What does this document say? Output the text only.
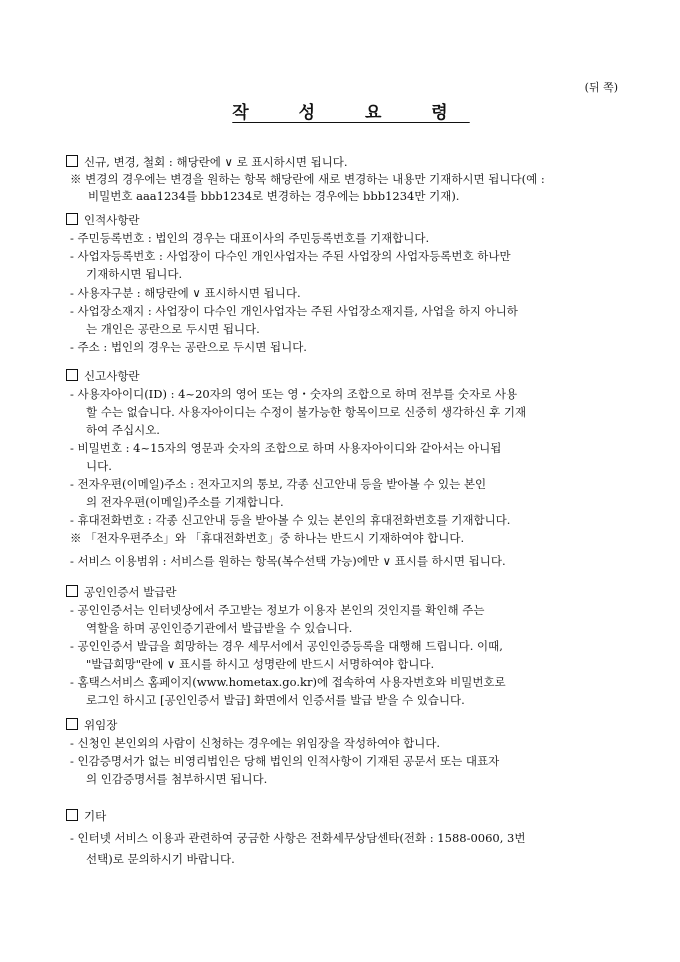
(뒤 쪽)
작 성 요 령
신규, 변경, 철회 : 해당란에 ∨ 로 표시하시면 됩니다.
※ 변경의 경우에는 변경을 원하는 항목 해당란에 새로 변경하는 내용만 기재하시면 됩니다(예 :
비밀번호 aaa1234를 bbb1234로 변경하는 경우에는 bbb1234만 기재).
인적사항란
- 주민등록번호 : 법인의 경우는 대표이사의 주민등록번호를 기재합니다.
- 사업자등록번호 : 사업장이 다수인 개인사업자는 주된 사업장의 사업자등록번호 하나만
기재하시면 됩니다.
- 사용자구분 : 해당란에 ∨ 표시하시면 됩니다.
- 사업장소재지 : 사업장이 다수인 개인사업자는 주된 사업장소재지를, 사업을 하지 아니하
는 개인은 공란으로 두시면 됩니다.
- 주소 : 법인의 경우는 공란으로 두시면 됩니다.
신고사항란
- 사용자아이디(ID) : 4~20자의 영어 또는 영・숫자의 조합으로 하며 전부를 숫자로 사용
할 수는 없습니다. 사용자아이디는 수정이 불가능한 항목이므로 신중히 생각하신 후 기재
하여 주십시오.
- 비밀번호 : 4~15자의 영문과 숫자의 조합으로 하며 사용자아이디와 같아서는 아니됩
니다.
- 전자우편(이메일)주소 : 전자고지의 통보, 각종 신고안내 등을 받아볼 수 있는 본인
의 전자우편(이메일)주소를 기재합니다.
- 휴대전화번호 : 각종 신고안내 등을 받아볼 수 있는 본인의 휴대전화번호를 기재합니다.
※ 「전자우편주소」와 「휴대전화번호」중 하나는 반드시 기재하여야 합니다.
- 서비스 이용범위 : 서비스를 원하는 항목(복수선택 가능)에만 ∨ 표시를 하시면 됩니다.
공인인증서 발급란
- 공인인증서는 인터넷상에서 주고받는 정보가 이용자 본인의 것인지를 확인해 주는
역할을 하며 공인인증기관에서 발급받을 수 있습니다.
- 공인인증서 발급을 희망하는 경우 세무서에서 공인인증등록을 대행해 드립니다. 이때,
"발급희망"란에 ∨ 표시를 하시고 성명란에 반드시 서명하여야 합니다.
- 홈택스서비스 홈페이지(www.hometax.go.kr)에 접속하여 사용자번호와 비밀번호로
로그인 하시고 [공인인증서 발급] 화면에서 인증서를 발급 받을 수 있습니다.
위임장
- 신청인 본인외의 사람이 신청하는 경우에는 위임장을 작성하여야 합니다.
- 인감증명서가 없는 비영리법인은 당해 법인의 인적사항이 기재된 공문서 또는 대표자
의 인감증명서를 첨부하시면 됩니다.
기타
- 인터넷 서비스 이용과 관련하여 궁금한 사항은 전화세무상담센타(전화 : 1588-0060, 3번
선택)로 문의하시기 바랍니다.
